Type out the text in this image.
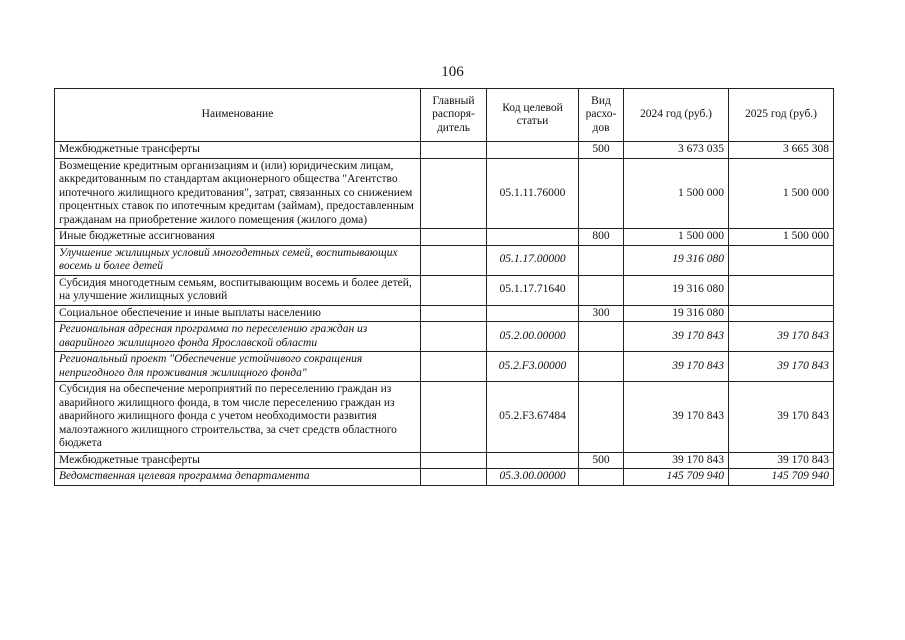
106
Наименование	Главный распоря-дитель	Код целевой статьи	Вид расхо-дов	2024 год (руб.)	2025 год (руб.)
Межбюджетные трансферты			500	3 673 035	3 665 308
Возмещение кредитным организациям и (или) юридическим лицам, аккредитованным по стандартам акционерного общества "Агентство ипотечного жилищного кредитования", затрат, связанных со снижением процентных ставок по ипотечным кредитам (займам), предоставленным гражданам на приобретение жилого помещения (жилого дома)		05.1.11.76000		1 500 000	1 500 000
Иные бюджетные ассигнования			800	1 500 000	1 500 000
Улучшение жилищных условий многодетных семей, воспитывающих восемь и более детей		05.1.17.00000		19 316 080	
Субсидия многодетным семьям, воспитывающим восемь и более детей, на улучшение жилищных условий		05.1.17.71640		19 316 080	
Социальное обеспечение и иные выплаты населению			300	19 316 080	
Региональная адресная программа по переселению граждан из аварийного жилищного фонда Ярославской области		05.2.00.00000		39 170 843	39 170 843
Региональный проект "Обеспечение устойчивого сокращения непригодного для проживания жилищного фонда"		05.2.F3.00000		39 170 843	39 170 843
Субсидия на обеспечение мероприятий по переселению граждан из аварийного жилищного фонда, в том числе переселению граждан из аварийного жилищного фонда с учетом необходимости развития малоэтажного жилищного строительства, за счет средств областного бюджета		05.2.F3.67484		39 170 843	39 170 843
Межбюджетные трансферты			500	39 170 843	39 170 843
Ведомственная целевая программа департамента		05.3.00.00000		145 709 940	145 709 940
